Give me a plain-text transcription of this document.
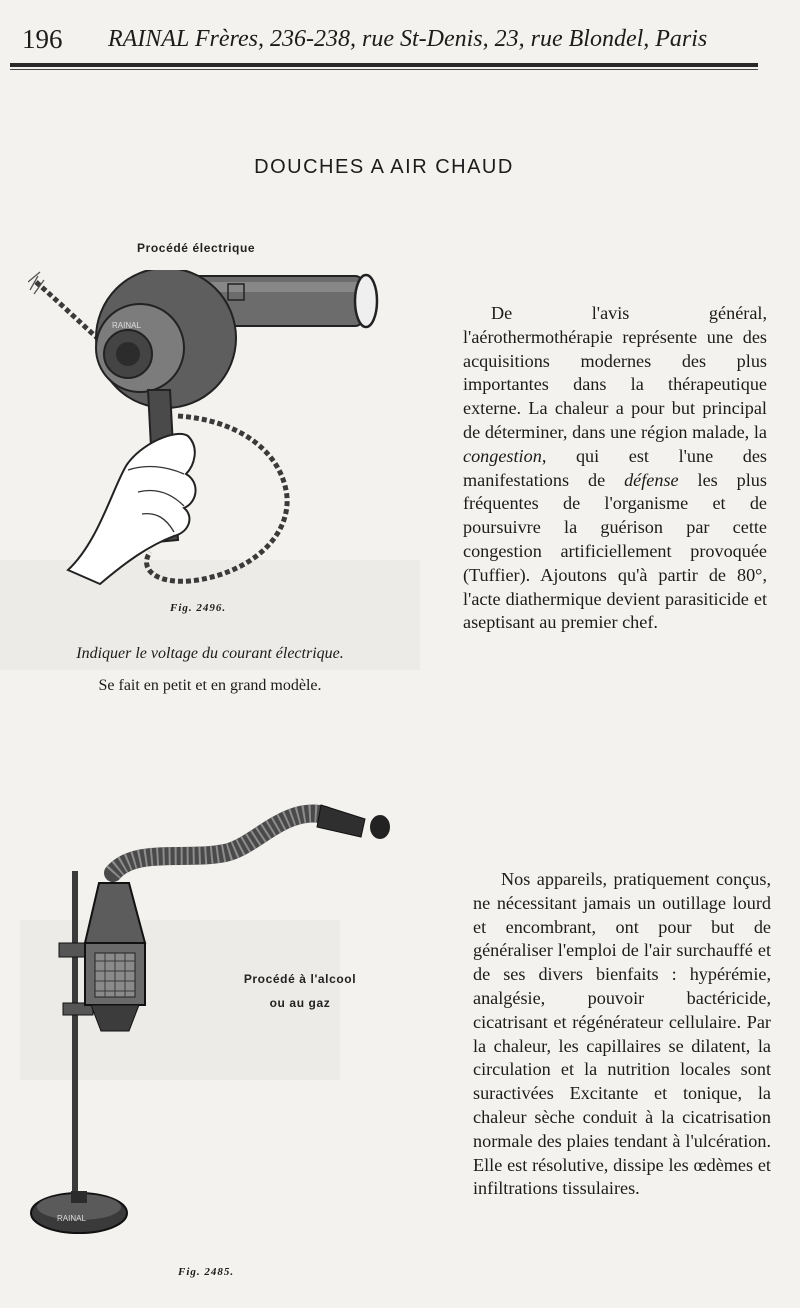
196 RAINAL Frères, 236-238, rue St-Denis, 23, rue Blondel, Paris
DOUCHES A AIR CHAUD
Procédé électrique
RAINAL
Fig. 2496.
Indiquer le voltage du courant électrique.
Se fait en petit et en grand modèle.

De l'avis général, l'aérothermothérapie représente une des acquisitions modernes des plus importantes dans la thérapeutique externe. La chaleur a pour but principal de déterminer, dans une région malade, la congestion, qui est l'une des manifestations de défense les plus fréquentes de l'organisme et de poursuivre la guérison par cette congestion artificiellement provoquée (Tuffier). Ajoutons qu'à partir de 80°, l'acte diathermique devient parasiticide et aseptisant au premier chef.

RAINAL
Procédé à l'alcool
ou au gaz

Nos appareils, pratiquement conçus, ne nécessitant jamais un outillage lourd et encombrant, ont pour but de généraliser l'emploi de l'air surchauffé et de ses divers bienfaits : hypérémie, analgésie, pouvoir bactéricide, cicatrisant et régénérateur cellulaire. Par la chaleur, les capillaires se dilatent, la circulation et la nutrition locales sont suractivées Excitante et tonique, la chaleur sèche conduit à la cicatrisation normale des plaies tendant à l'ulcération. Elle est résolutive, dissipe les œdèmes et infiltrations tissulaires.

Fig. 2485.
